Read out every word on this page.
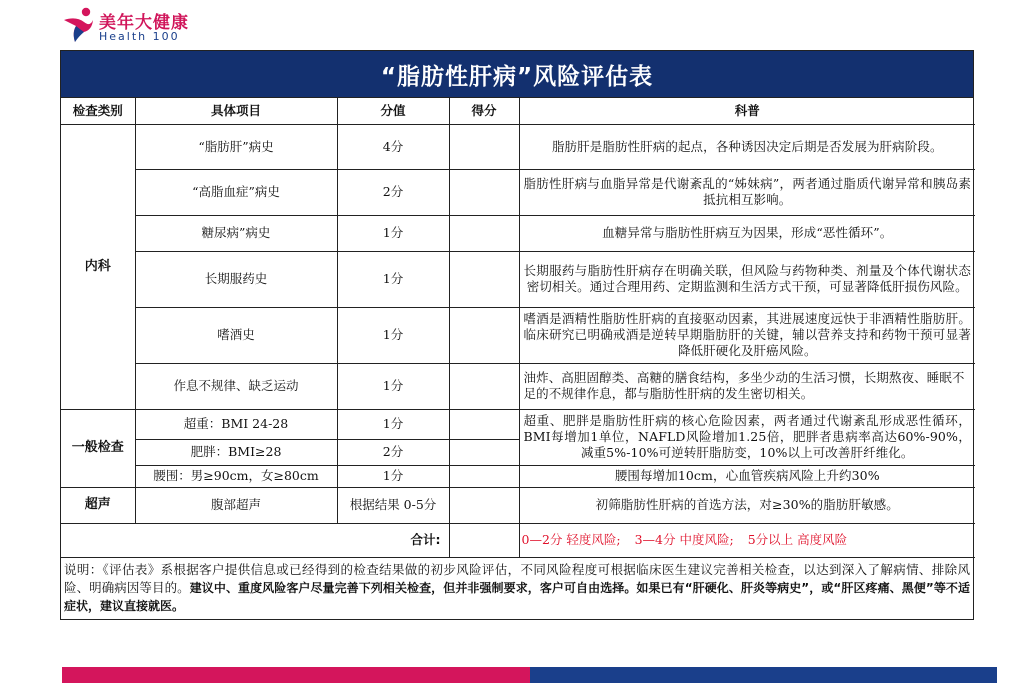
美年大健康
Health 100
“脂肪性肝病”风险评估表
检查类别	具体项目	分值	得分	科普
内科	“脂肪肝”病史	4分		脂肪肝是脂肪性肝病的起点，各种诱因决定后期是否发展为肝病阶段。
	“高脂血症”病史	2分		脂肪性肝病与血脂异常是代谢紊乱的“姊妹病”，两者通过脂质代谢异常和胰岛素抵抗相互影响。
	糖尿病”病史	1分		血糖异常与脂肪性肝病互为因果，形成“恶性循环”。
	长期服药史	1分		长期服药与脂肪性肝病存在明确关联，但风险与药物种类、剂量及个体代谢状态密切相关。通过合理用药、定期监测和生活方式干预，可显著降低肝损伤风险。
	嗜酒史	1分		嗜酒是酒精性脂肪性肝病的直接驱动因素，其进展速度远快于非酒精性脂肪肝。临床研究已明确戒酒是逆转早期脂肪肝的关键，辅以营养支持和药物干预可显著降低肝硬化及肝癌风险。
	作息不规律、缺乏运动	1分		油炸、高胆固醇类、高糖的膳食结构，多坐少动的生活习惯，长期熬夜、睡眠不足的不规律作息，都与脂肪性肝病的发生密切相关。
一般检查	超重：BMI 24-28	1分		超重、肥胖是脂肪性肝病的核心危险因素，两者通过代谢紊乱形成恶性循环，BMI每增加1单位，NAFLD风险增加1.25倍，肥胖者患病率高达60%-90%，减重5%-10%可逆转肝脂肪变，10%以上可改善肝纤维化。
	肥胖：BMI≥28	2分		
	腰围：男≥90cm，女≥80cm	1分		腰围每增加10cm，心血管疾病风险上升约30%
超声	腹部超声	根据结果 0-5分		初筛脂肪性肝病的首选方法，对≥30%的脂肪肝敏感。
合计:				0—2分 轻度风险; 3—4分 中度风险; 5分以上 高度风险
说明：《评估表》系根据客户提供信息或已经得到的检查结果做的初步风险评估，不同风险程度可根据临床医生建议完善相关检查，以达到深入了解病情、排除风险、明确病因等目的。建议中、重度风险客户尽量完善下列相关检查，但并非强制要求，客户可自由选择。如果已有“肝硬化、肝炎等病史”，或“肝区疼痛、黑便”等不适症状，建议直接就医。
